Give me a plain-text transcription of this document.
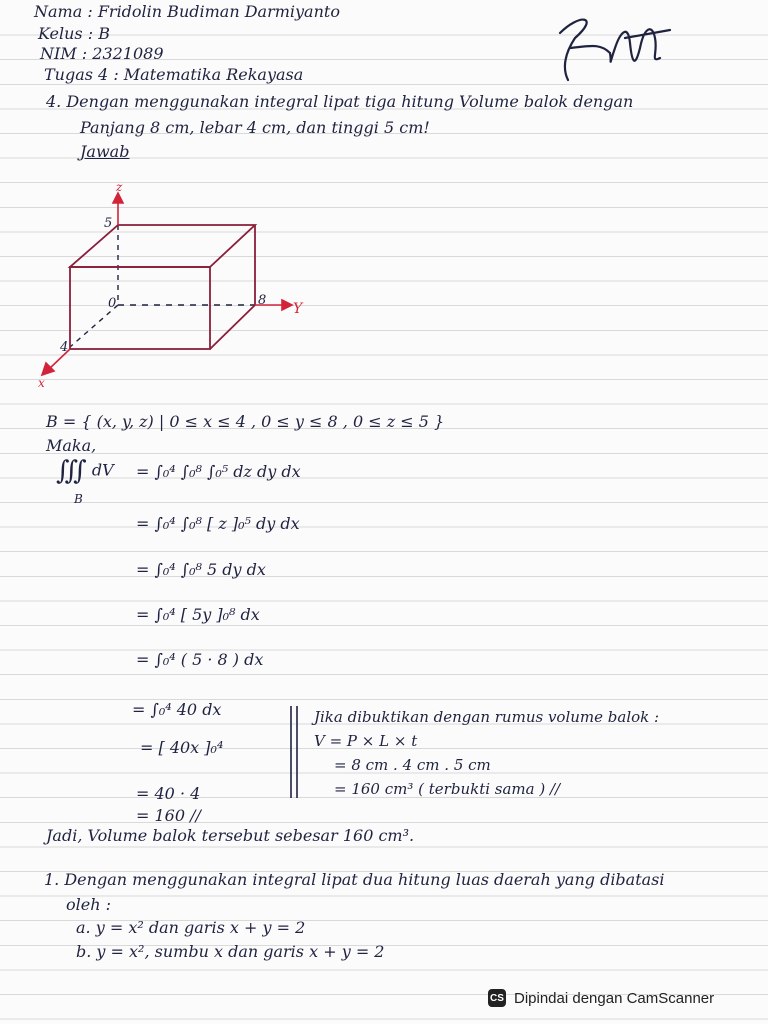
Nama : Fridolin Budiman Darmiyanto
Kelus : B
NIM : 2321089
Tugas 4 : Matematika Rekayasa
4. Dengan menggunakan integral lipat tiga hitung Volume balok dengan
Panjang 8 cm, lebar 4 cm, dan tinggi 5 cm!
Jawab
z
Y
x
5
8
4
0
B = { (x, y, z) | 0 ≤ x ≤ 4 , 0 ≤ y ≤ 8 , 0 ≤ z ≤ 5 }
Maka,
∭ dV
B
= ∫₀⁴ ∫₀⁸ ∫₀⁵ dz dy dx
= ∫₀⁴ ∫₀⁸ [ z ]₀⁵ dy dx
= ∫₀⁴ ∫₀⁸ 5 dy dx
= ∫₀⁴ [ 5y ]₀⁸ dx
= ∫₀⁴ ( 5 · 8 ) dx
= ∫₀⁴ 40 dx
= [ 40x ]₀⁴
= 40 · 4
= 160 //
Jika dibuktikan dengan rumus volume balok :
V = P × L × t
= 8 cm . 4 cm . 5 cm
= 160 cm³ ( terbukti sama ) //
Jadi, Volume balok tersebut sebesar 160 cm³.
1. Dengan menggunakan integral lipat dua hitung luas daerah yang dibatasi
oleh :
a. y = x² dan garis x + y = 2
b. y = x², sumbu x dan garis x + y = 2
CS Dipindai dengan CamScanner
